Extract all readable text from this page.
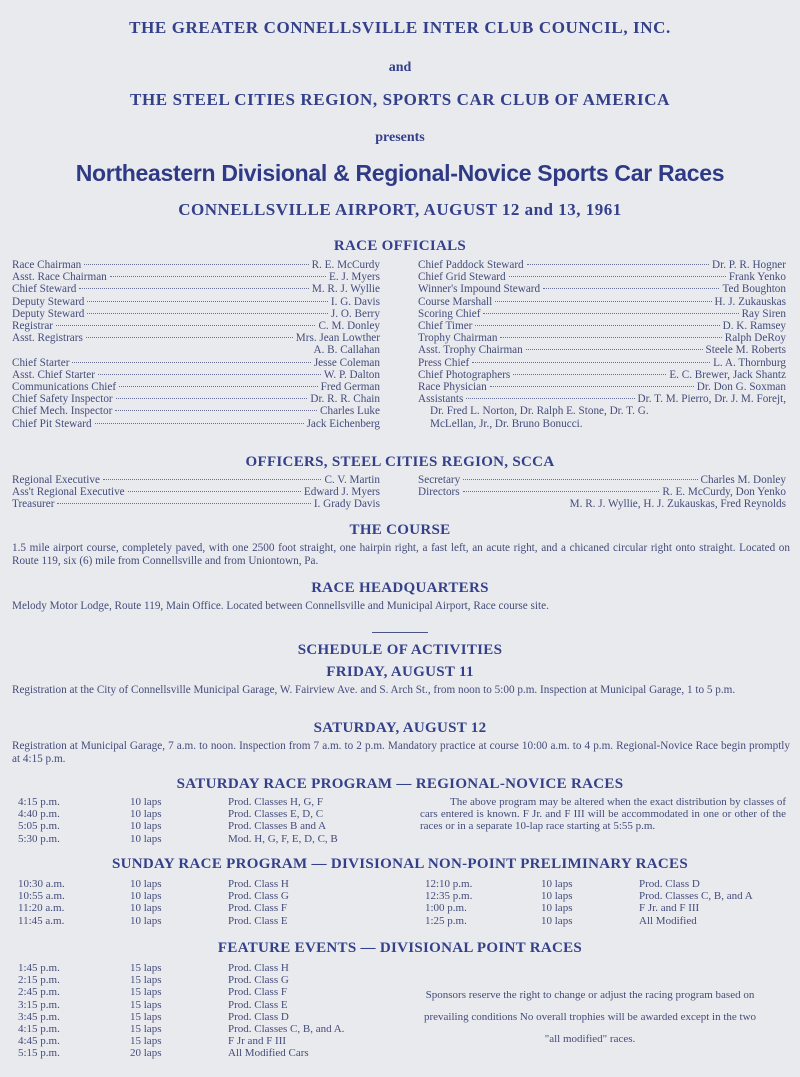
THE GREATER CONNELLSVILLE INTER CLUB COUNCIL, INC.
and
THE STEEL CITIES REGION, SPORTS CAR CLUB OF AMERICA
presents
Northeastern Divisional & Regional-Novice Sports Car Races
CONNELLSVILLE AIRPORT, AUGUST 12 and 13, 1961
RACE OFFICIALS
Race Chairman	R. E. McCurdy
Asst. Race Chairman	E. J. Myers
Chief Steward	M. R. J. Wyllie
Deputy Steward	I. G. Davis
Deputy Steward	J. O. Berry
Registrar	C. M. Donley
Asst. Registrars	Mrs. Jean Lowther
A. B. Callahan
Chief Starter	Jesse Coleman
Asst. Chief Starter	W. P. Dalton
Communications Chief	Fred German
Chief Safety Inspector	Dr. R. R. Chain
Chief Mech. Inspector	Charles Luke
Chief Pit Steward	Jack Eichenberg
Chief Paddock Steward	Dr. P. R. Hogner
Chief Grid Steward	Frank Yenko
Winner's Impound Steward	Ted Boughton
Course Marshall	H. J. Zukauskas
Scoring Chief	Ray Siren
Chief Timer	D. K. Ramsey
Trophy Chairman	Ralph DeRoy
Asst. Trophy Chairman	Steele M. Roberts
Press Chief	L. A. Thornburg
Chief Photographers	E. C. Brewer, Jack Shantz
Race Physician	Dr. Don G. Soxman
Assistants	Dr. T. M. Pierro, Dr. J. M. Forejt,
Dr. Fred L. Norton, Dr. Ralph E. Stone, Dr. T. G.
McLellan, Jr., Dr. Bruno Bonucci.
OFFICERS, STEEL CITIES REGION, SCCA
Regional Executive	C. V. Martin
Ass't Regional Executive	Edward J. Myers
Treasurer	I. Grady Davis
Secretary	Charles M. Donley
Directors	R. E. McCurdy, Don Yenko
M. R. J. Wyllie, H. J. Zukauskas, Fred Reynolds
THE COURSE
1.5 mile airport course, completely paved, with one 2500 foot straight, one hairpin right, a fast left, an acute right, and a chicaned circular right onto straight. Located on Route 119, six (6) mile from Connellsville and from Uniontown, Pa.
RACE HEADQUARTERS
Melody Motor Lodge, Route 119, Main Office. Located between Connellsville and Municipal Airport, Race course site.
SCHEDULE OF ACTIVITIES
FRIDAY, AUGUST 11
Registration at the City of Connellsville Municipal Garage, W. Fairview Ave. and S. Arch St., from noon to 5:00 p.m. Inspection at Municipal Garage, 1 to 5 p.m.
SATURDAY, AUGUST 12
Registration at Municipal Garage, 7 a.m. to noon. Inspection from 7 a.m. to 2 p.m. Mandatory practice at course 10:00 a.m. to 4 p.m. Regional-Novice Race begin promptly at 4:15 p.m.
SATURDAY RACE PROGRAM — REGIONAL-NOVICE RACES
4:15 p.m.	10 laps	Prod. Classes H, G, F
4:40 p.m.	10 laps	Prod. Classes E, D, C
5:05 p.m.	10 laps	Prod. Classes B and A
5:30 p.m.	10 laps	Mod. H, G, F, E, D, C, B
The above program may be altered when the exact distribution by classes of cars entered is known. F Jr. and F III will be accommodated in one or other of the races or in a separate 10-lap race starting at 5:55 p.m.
SUNDAY RACE PROGRAM — DIVISIONAL NON-POINT PRELIMINARY RACES
10:30 a.m.	10 laps	Prod. Class H
10:55 a.m.	10 laps	Prod. Class G
11:20 a.m.	10 laps	Prod. Class F
11:45 a.m.	10 laps	Prod. Class E
12:10 p.m.	10 laps	Prod. Class D
12:35 p.m.	10 laps	Prod. Classes C, B, and A
1:00 p.m.	10 laps	F Jr. and F III
1:25 p.m.	10 laps	All Modified
FEATURE EVENTS — DIVISIONAL POINT RACES
1:45 p.m.	15 laps	Prod. Class H
2:15 p.m.	15 laps	Prod. Class G
2:45 p.m.	15 laps	Prod. Class F
3:15 p.m.	15 laps	Prod. Class E
3:45 p.m.	15 laps	Prod. Class D
4:15 p.m.	15 laps	Prod. Classes C, B, and A.
4:45 p.m.	15 laps	F Jr and F III
5:15 p.m.	20 laps	All Modified Cars
Sponsors reserve the right to change or adjust the racing program based on prevailing conditions No overall trophies will be awarded except in the two "all modified" races.
